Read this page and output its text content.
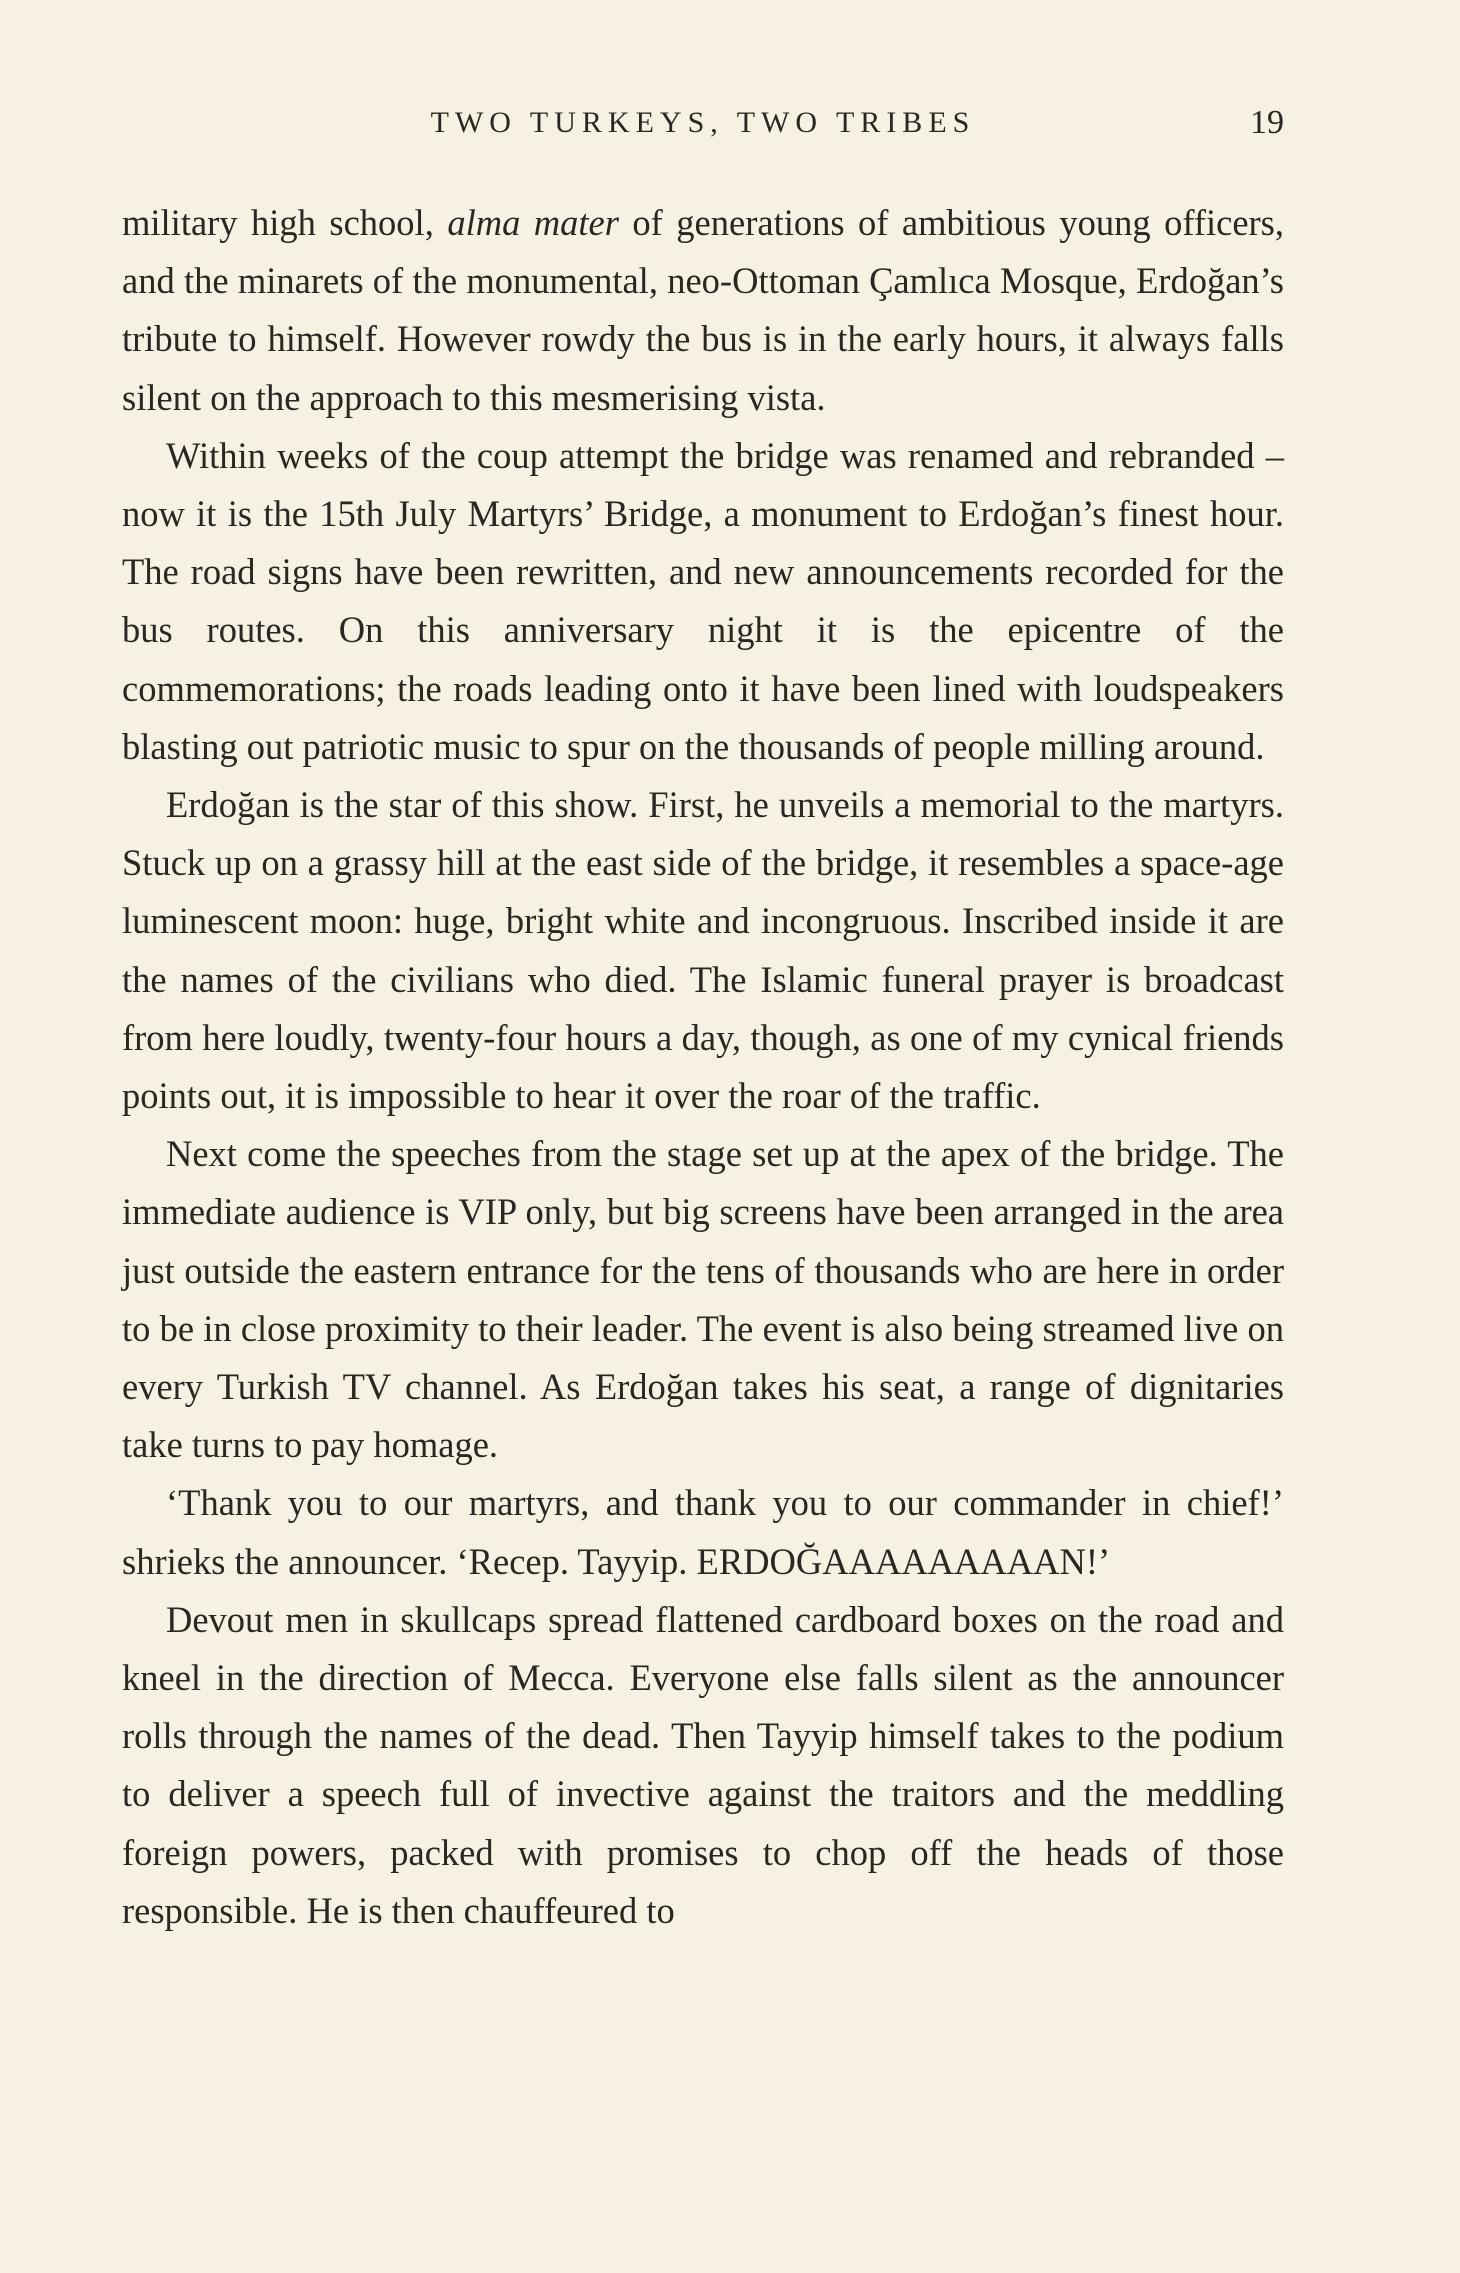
TWO TURKEYS, TWO TRIBES	19

military high school, alma mater of generations of ambitious young officers, and the minarets of the monumental, neo-Ottoman Çamlıca Mosque, Erdoğan’s tribute to himself. However rowdy the bus is in the early hours, it always falls silent on the approach to this mesmerising vista.

Within weeks of the coup attempt the bridge was renamed and rebranded – now it is the 15th July Martyrs’ Bridge, a monument to Erdoğan’s finest hour. The road signs have been rewritten, and new announcements recorded for the bus routes. On this anniversary night it is the epicentre of the commemorations; the roads leading onto it have been lined with loudspeakers blasting out patriotic music to spur on the thousands of people milling around.

Erdoğan is the star of this show. First, he unveils a memorial to the martyrs. Stuck up on a grassy hill at the east side of the bridge, it resembles a space-age luminescent moon: huge, bright white and incongruous. Inscribed inside it are the names of the civilians who died. The Islamic funeral prayer is broadcast from here loudly, twenty-four hours a day, though, as one of my cynical friends points out, it is impossible to hear it over the roar of the traffic.

Next come the speeches from the stage set up at the apex of the bridge. The immediate audience is VIP only, but big screens have been arranged in the area just outside the eastern entrance for the tens of thousands who are here in order to be in close proximity to their leader. The event is also being streamed live on every Turkish TV channel. As Erdoğan takes his seat, a range of dignitaries take turns to pay homage.

‘Thank you to our martyrs, and thank you to our commander in chief!’ shrieks the announcer. ‘Recep. Tayyip. ERDOĞAAAAAAAAAN!’

Devout men in skullcaps spread flattened cardboard boxes on the road and kneel in the direction of Mecca. Everyone else falls silent as the announcer rolls through the names of the dead. Then Tayyip himself takes to the podium to deliver a speech full of invective against the traitors and the meddling foreign powers, packed with promises to chop off the heads of those responsible. He is then chauffeured to
